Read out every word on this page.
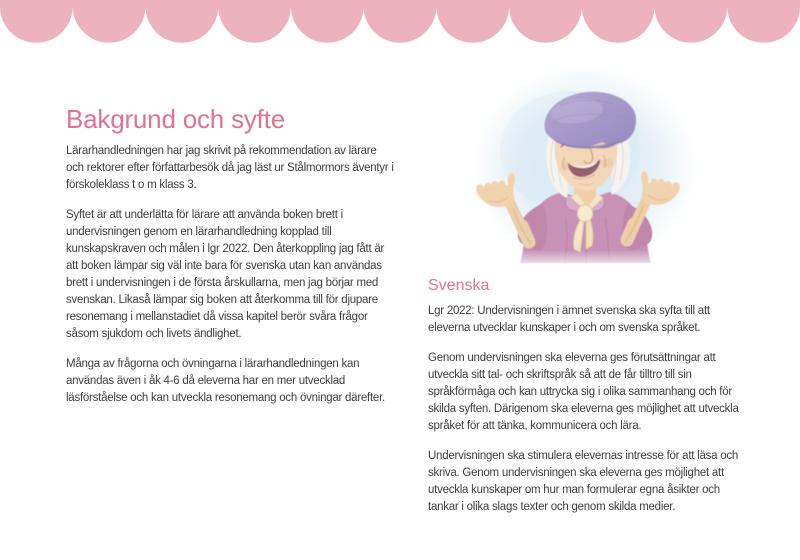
Bakgrund och syfte

Lärarhandledningen har jag skrivit på rekommendation av lärare och rektorer efter författarbesök då jag läst ur Stålmormors äventyr i förskoleklass t o m klass 3.

Syftet är att underlätta för lärare att använda boken brett i undervisningen genom en lärarhandledning kopplad till kunskapskraven och målen i lgr 2022. Den återkoppling jag fått är att boken lämpar sig väl inte bara för svenska utan kan användas brett i undervisningen i de första årskullarna, men jag börjar med svenskan. Likaså lämpar sig boken att återkomma till för djupare resonemang i mellanstadiet då vissa kapitel berör svåra frågor såsom sjukdom och livets ändlighet.

Många av frågorna och övningarna i lärarhandledningen kan användas även i åk 4-6 då eleverna har en mer utvecklad läsförståelse och kan utveckla resonemang och övningar därefter.

Svenska

Lgr 2022: Undervisningen i ämnet svenska ska syfta till att eleverna utvecklar kunskaper i och om svenska språket.

Genom undervisningen ska eleverna ges förutsättningar att utveckla sitt tal- och skriftspråk så att de får tilltro till sin språkförmåga och kan uttrycka sig i olika sammanhang och för skilda syften. Därigenom ska eleverna ges möjlighet att utveckla språket för att tänka, kommunicera och lära.

Undervisningen ska stimulera elevernas intresse för att läsa och skriva. Genom undervisningen ska eleverna ges möjlighet att utveckla kunskaper om hur man formulerar egna åsikter och tankar i olika slags texter och genom skilda medier.
